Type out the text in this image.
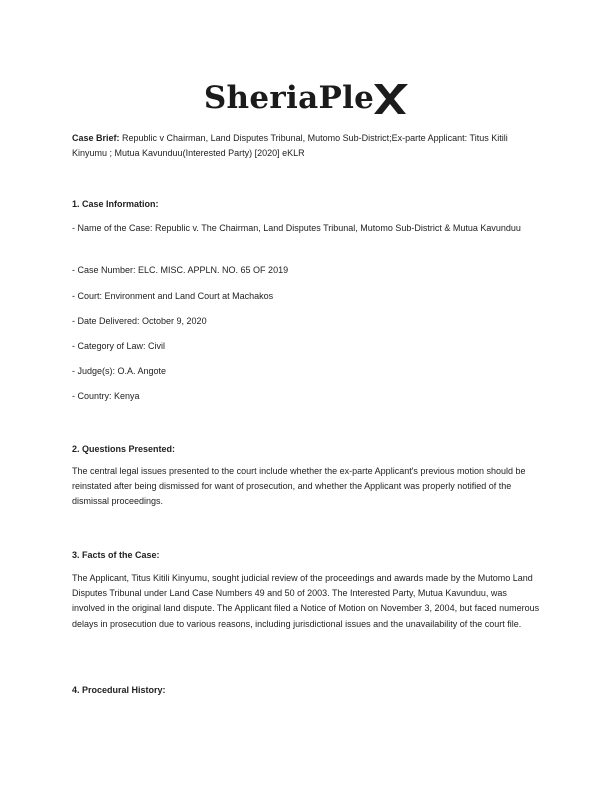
SheriaPle
Case Brief: Republic v Chairman, Land Disputes Tribunal, Mutomo Sub-District;Ex-parte Applicant: Titus Kitili Kinyumu ; Mutua Kavunduu(Interested Party) [2020] eKLR
1. Case Information:
- Name of the Case: Republic v. The Chairman, Land Disputes Tribunal, Mutomo Sub-District & Mutua Kavunduu
- Case Number: ELC. MISC. APPLN. NO. 65 OF 2019
- Court: Environment and Land Court at Machakos
- Date Delivered: October 9, 2020
- Category of Law: Civil
- Judge(s): O.A. Angote
- Country: Kenya
2. Questions Presented:
The central legal issues presented to the court include whether the ex-parte Applicant's previous motion should be reinstated after being dismissed for want of prosecution, and whether the Applicant was properly notified of the dismissal proceedings.
3. Facts of the Case:
The Applicant, Titus Kitili Kinyumu, sought judicial review of the proceedings and awards made by the Mutomo Land Disputes Tribunal under Land Case Numbers 49 and 50 of 2003. The Interested Party, Mutua Kavunduu, was involved in the original land dispute. The Applicant filed a Notice of Motion on November 3, 2004, but faced numerous delays in prosecution due to various reasons, including jurisdictional issues and the unavailability of the court file.
4. Procedural History:
